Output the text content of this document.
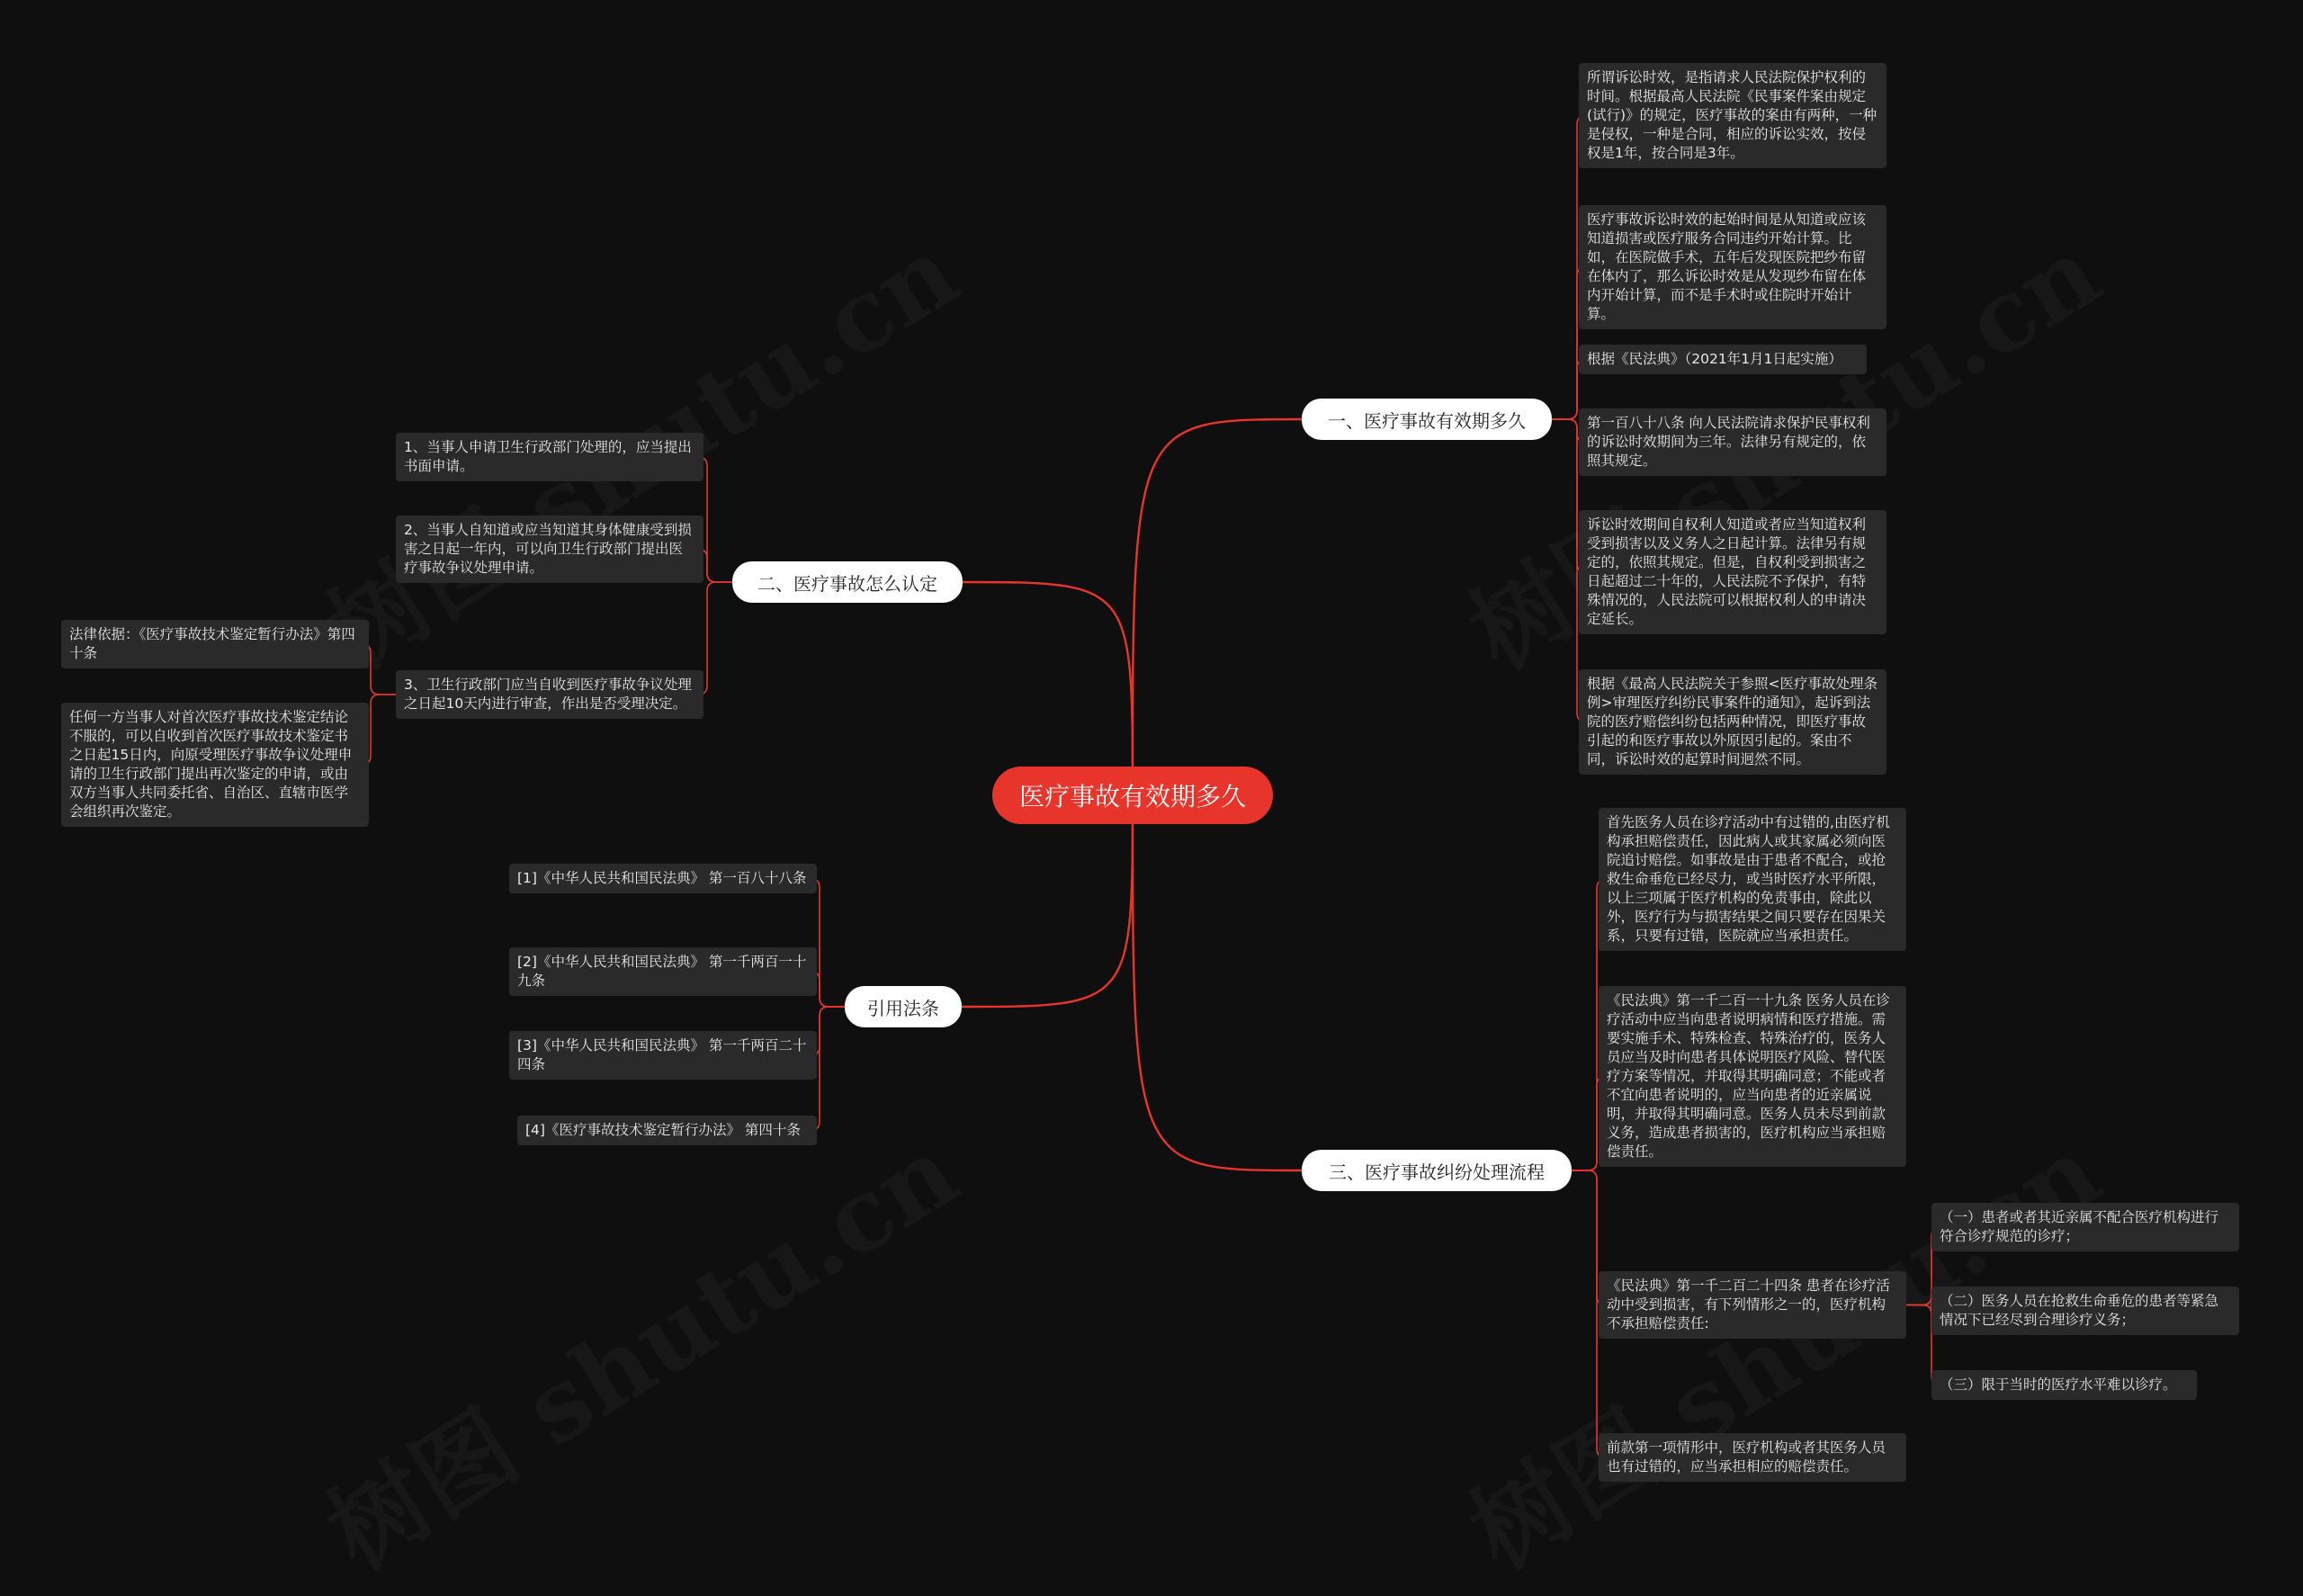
医疗事故有效期多久
一、医疗事故有效期多久
二、医疗事故怎么认定
三、医疗事故纠纷处理流程
引用法条
所谓诉讼时效，是指请求人民法院保护权利的时间。根据最高人民法院《民事案件案由规定(试行)》的规定，医疗事故的案由有两种，一种是侵权，一种是合同，相应的诉讼实效，按侵权是1年，按合同是3年。
医疗事故诉讼时效的起始时间是从知道或应该知道损害或医疗服务合同违约开始计算。比如，在医院做手术，五年后发现医院把纱布留在体内了，那么诉讼时效是从发现纱布留在体内开始计算，而不是手术时或住院时开始计算。
根据《民法典》（2021年1月1日起实施）
第一百八十八条 向人民法院请求保护民事权利的诉讼时效期间为三年。法律另有规定的，依照其规定。
诉讼时效期间自权利人知道或者应当知道权利受到损害以及义务人之日起计算。法律另有规定的，依照其规定。但是，自权利受到损害之日起超过二十年的，人民法院不予保护，有特殊情况的，人民法院可以根据权利人的申请决定延长。
根据《最高人民法院关于参照<医疗事故处理条例>审理医疗纠纷民事案件的通知》，起诉到法院的医疗赔偿纠纷包括两种情况，即医疗事故引起的和医疗事故以外原因引起的。案由不同，诉讼时效的起算时间迥然不同。
1、当事人申请卫生行政部门处理的，应当提出书面申请。
2、当事人自知道或应当知道其身体健康受到损害之日起一年内，可以向卫生行政部门提出医疗事故争议处理申请。
3、卫生行政部门应当自收到医疗事故争议处理之日起10天内进行审查，作出是否受理决定。
法律依据：《医疗事故技术鉴定暂行办法》第四十条
任何一方当事人对首次医疗事故技术鉴定结论不服的，可以自收到首次医疗事故技术鉴定书之日起15日内，向原受理医疗事故争议处理申请的卫生行政部门提出再次鉴定的申请，或由双方当事人共同委托省、自治区、直辖市医学会组织再次鉴定。
首先医务人员在诊疗活动中有过错的,由医疗机构承担赔偿责任，因此病人或其家属必须向医院追讨赔偿。如事故是由于患者不配合，或抢救生命垂危已经尽力，或当时医疗水平所限，以上三项属于医疗机构的免责事由，除此以外，医疗行为与损害结果之间只要存在因果关系，只要有过错，医院就应当承担责任。
《民法典》第一千二百一十九条 医务人员在诊疗活动中应当向患者说明病情和医疗措施。需要实施手术、特殊检查、特殊治疗的，医务人员应当及时向患者具体说明医疗风险、替代医疗方案等情况，并取得其明确同意；不能或者不宜向患者说明的，应当向患者的近亲属说明，并取得其明确同意。医务人员未尽到前款义务，造成患者损害的，医疗机构应当承担赔偿责任。
《民法典》第一千二百二十四条 患者在诊疗活动中受到损害，有下列情形之一的，医疗机构不承担赔偿责任:
前款第一项情形中，医疗机构或者其医务人员也有过错的，应当承担相应的赔偿责任。
（一）患者或者其近亲属不配合医疗机构进行符合诊疗规范的诊疗；
（二）医务人员在抢救生命垂危的患者等紧急情况下已经尽到合理诊疗义务；
（三）限于当时的医疗水平难以诊疗。
[1]《中华人民共和国民法典》 第一百八十八条
[2]《中华人民共和国民法典》 第一千两百一十九条
[3]《中华人民共和国民法典》 第一千两百二十四条
[4]《医疗事故技术鉴定暂行办法》 第四十条
